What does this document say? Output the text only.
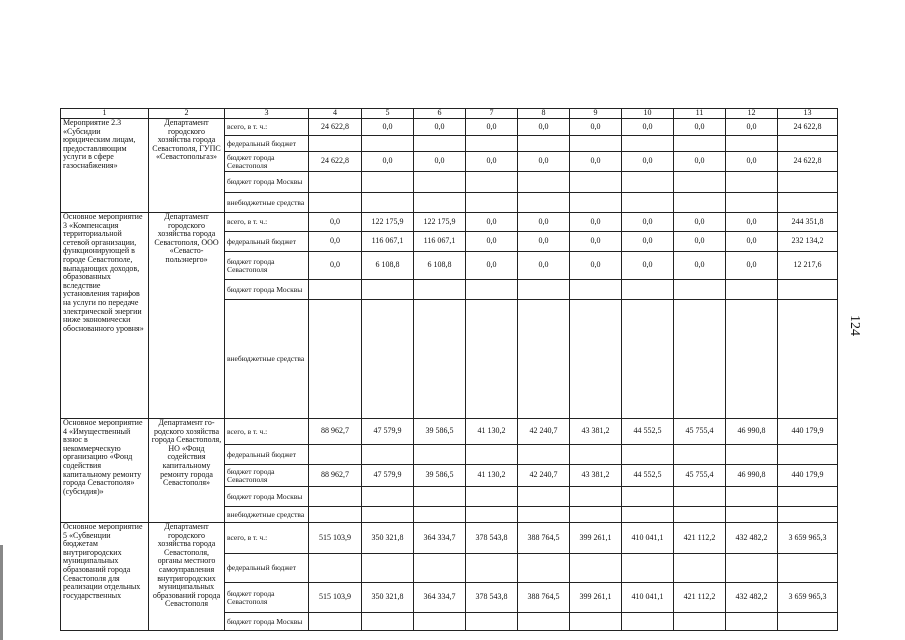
1	2	3	4	5	6	7	8	9	10	11	12	13
Мероприятие 2.3 «Субсидии юридическим лицам, предоставляющим услуги в сфере газоснабжения»	Департамент городского хозяйства города Севастополя, ГУПС «Севастопольгаз»	всего, в т. ч.:	24 622,8	0,0	0,0	0,0	0,0	0,0	0,0	0,0	0,0	24 622,8
		федеральный бюджет										
		бюджет города Севастополя	24 622,8	0,0	0,0	0,0	0,0	0,0	0,0	0,0	0,0	24 622,8
		бюджет города Москвы										
		внебюджетные средства										
Основное мероприятие 3 «Компенсация территориальной сетевой организации, функционирующей в городе Севастополе, выпадающих доходов, образованных вследствие установления тарифов на услуги по передаче электрической энергии ниже экономически обоснованного уровня»	Департамент городского хозяйства города Севастополя, ООО «Севасто-польэнерго»	всего, в т. ч.:	0,0	122 175,9	122 175,9	0,0	0,0	0,0	0,0	0,0	0,0	244 351,8
		федеральный бюджет	0,0	116 067,1	116 067,1	0,0	0,0	0,0	0,0	0,0	0,0	232 134,2
		бюджет города Севастополя	0,0	6 108,8	6 108,8	0,0	0,0	0,0	0,0	0,0	0,0	12 217,6
		бюджет города Москвы										
		внебюджетные средства										
Основное мероприятие 4 «Имущественный взнос в некоммерческую организацию «Фонд содействия капитальному ремонту города Севастополя» (субсидия)»	Департамент го-родского хозяйства города Севастополя, НО «Фонд содействия капитальному ремонту города Севастополя»	всего, в т. ч.:	88 962,7	47 579,9	39 586,5	41 130,2	42 240,7	43 381,2	44 552,5	45 755,4	46 990,8	440 179,9
		федеральный бюджет										
		бюджет города Севастополя	88 962,7	47 579,9	39 586,5	41 130,2	42 240,7	43 381,2	44 552,5	45 755,4	46 990,8	440 179,9
		бюджет города Москвы										
		внебюджетные средства										
Основное мероприятие 5 «Субвенции бюджетам внутригородских муниципальных образований города Севастополя для реализации отдельных государственных	Департамент городского хозяйства города Севастополя, органы местного самоуправления внутригородских муниципальных образований города Севастополя	всего, в т. ч.:	515 103,9	350 321,8	364 334,7	378 543,8	388 764,5	399 261,1	410 041,1	421 112,2	432 482,2	3 659 965,3
		федеральный бюджет										
		бюджет города Севастополя	515 103,9	350 321,8	364 334,7	378 543,8	388 764,5	399 261,1	410 041,1	421 112,2	432 482,2	3 659 965,3
		бюджет города Москвы										
124
